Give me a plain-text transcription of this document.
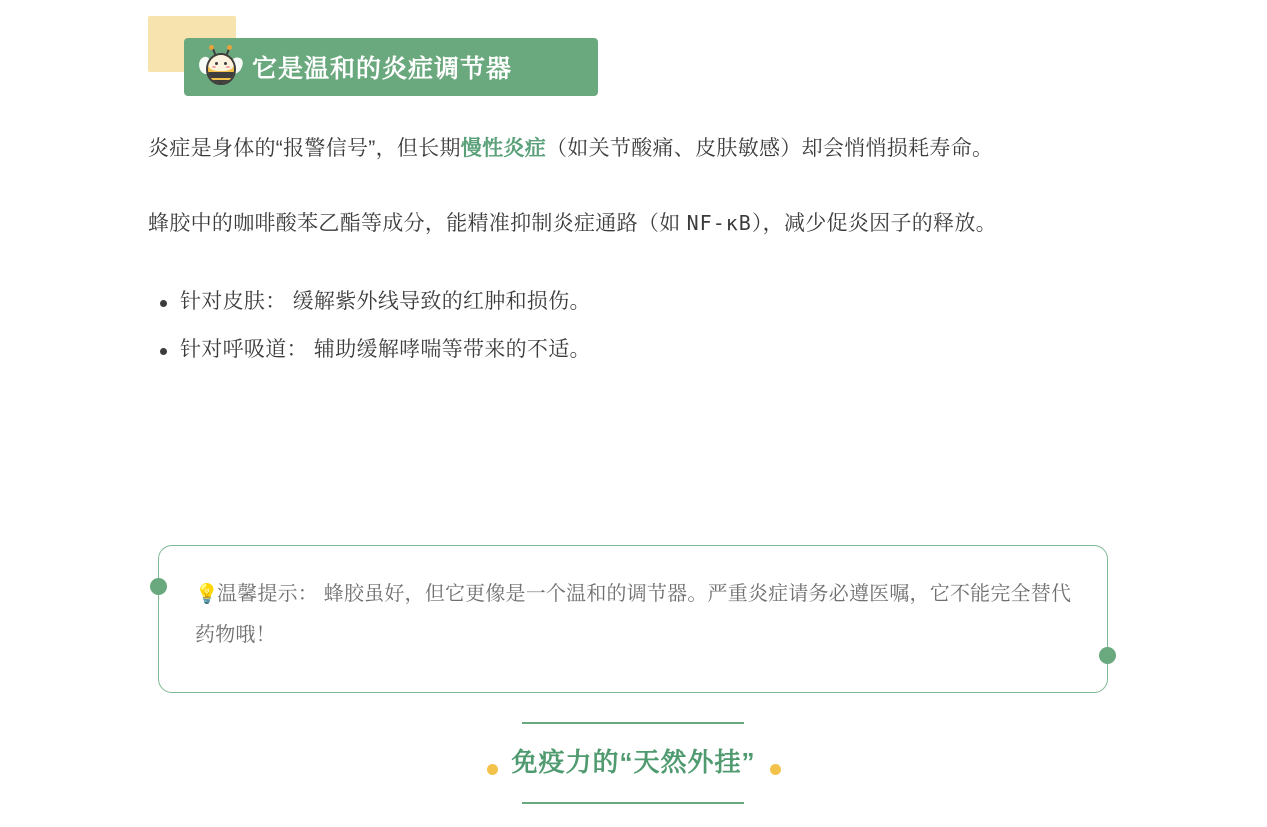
它是温和的炎症调节器

炎症是身体的“报警信号”，但长期慢性炎症（如关节酸痛、皮肤敏感）却会悄悄损耗寿命。

蜂胶中的咖啡酸苯乙酯等成分，能精准抑制炎症通路（如 NF-κB），减少促炎因子的释放。

针对皮肤： 缓解紫外线导致的红肿和损伤。
针对呼吸道： 辅助缓解哮喘等带来的不适。
💡温馨提示： 蜂胶虽好，但它更像是一个温和的调节器。严重炎症请务必遵医嘱，它不能完全替代药物哦！
免疫力的“天然外挂”
